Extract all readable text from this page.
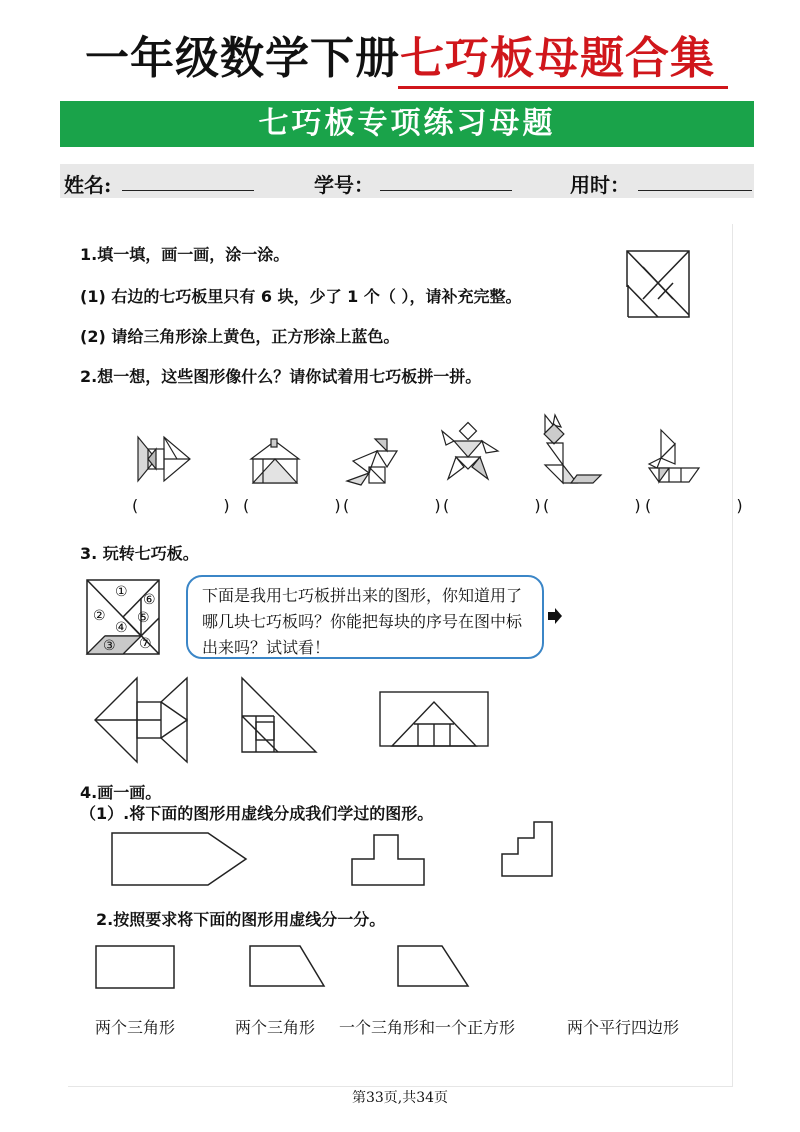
一年级数学下册七巧板母题合集
七巧板专项练习母题
姓名:	学号：	用时：
1.填一填，画一画，涂一涂。
(1) 右边的七巧板里只有 6 块，少了 1 个（ ），请补充完整。
(2) 请给三角形涂上黄色，正方形涂上蓝色。
2.想一想，这些图形像什么？请你试着用七巧板拼一拼。
( )
( )
( )
( )
( )
( )
3. 玩转七巧板。
①
②
④
⑤
⑥
③ ⑦
下面是我用七巧板拼出来的图形，你知道用了哪几块七巧板吗？你能把每块的序号在图中标出来吗？试试看！
4.画一画。
（1）.将下面的图形用虚线分成我们学过的图形。
2.按照要求将下面的图形用虚线分一分。
两个三角形	两个三角形 一个三角形和一个正方形	两个平行四边形
第33页,共34页
